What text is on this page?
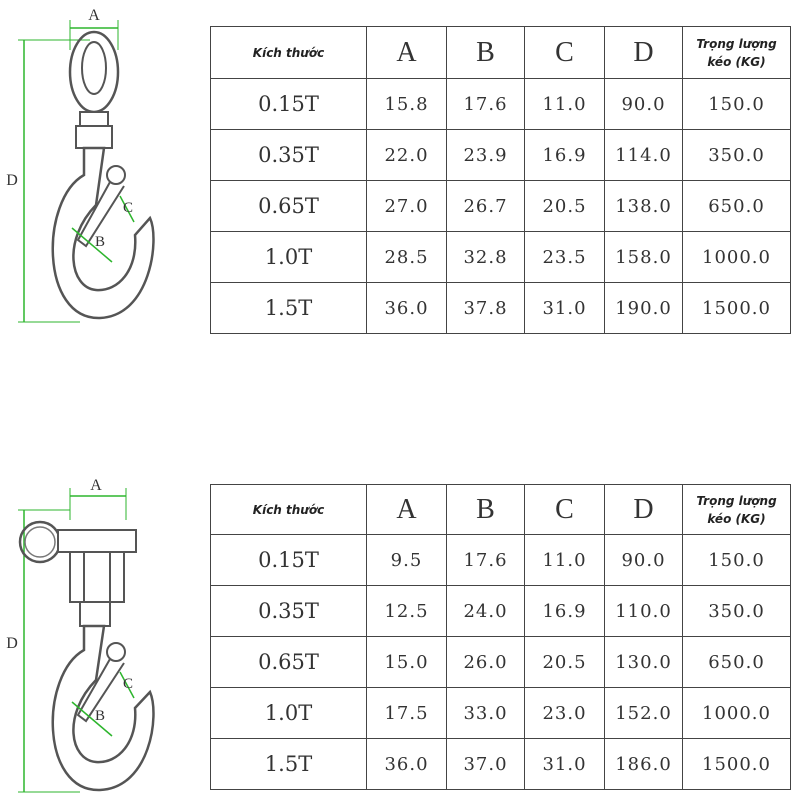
A
D
B
C
Kích thước	A	B	C	D	Trọng lượng
kéo (KG)

0.15T	15.8	17.6	11.0	90.0	150.0
0.35T	22.0	23.9	16.9	114.0	350.0
0.65T	27.0	26.7	20.5	138.0	650.0
1.0T	28.5	32.8	23.5	158.0	1000.0
1.5T	36.0	37.8	31.0	190.0	1500.0
A
D
B
C
Kích thước	A	B	C	D	Trọng lượng
kéo (KG)

0.15T	9.5	17.6	11.0	90.0	150.0
0.35T	12.5	24.0	16.9	110.0	350.0
0.65T	15.0	26.0	20.5	130.0	650.0
1.0T	17.5	33.0	23.0	152.0	1000.0
1.5T	36.0	37.0	31.0	186.0	1500.0
